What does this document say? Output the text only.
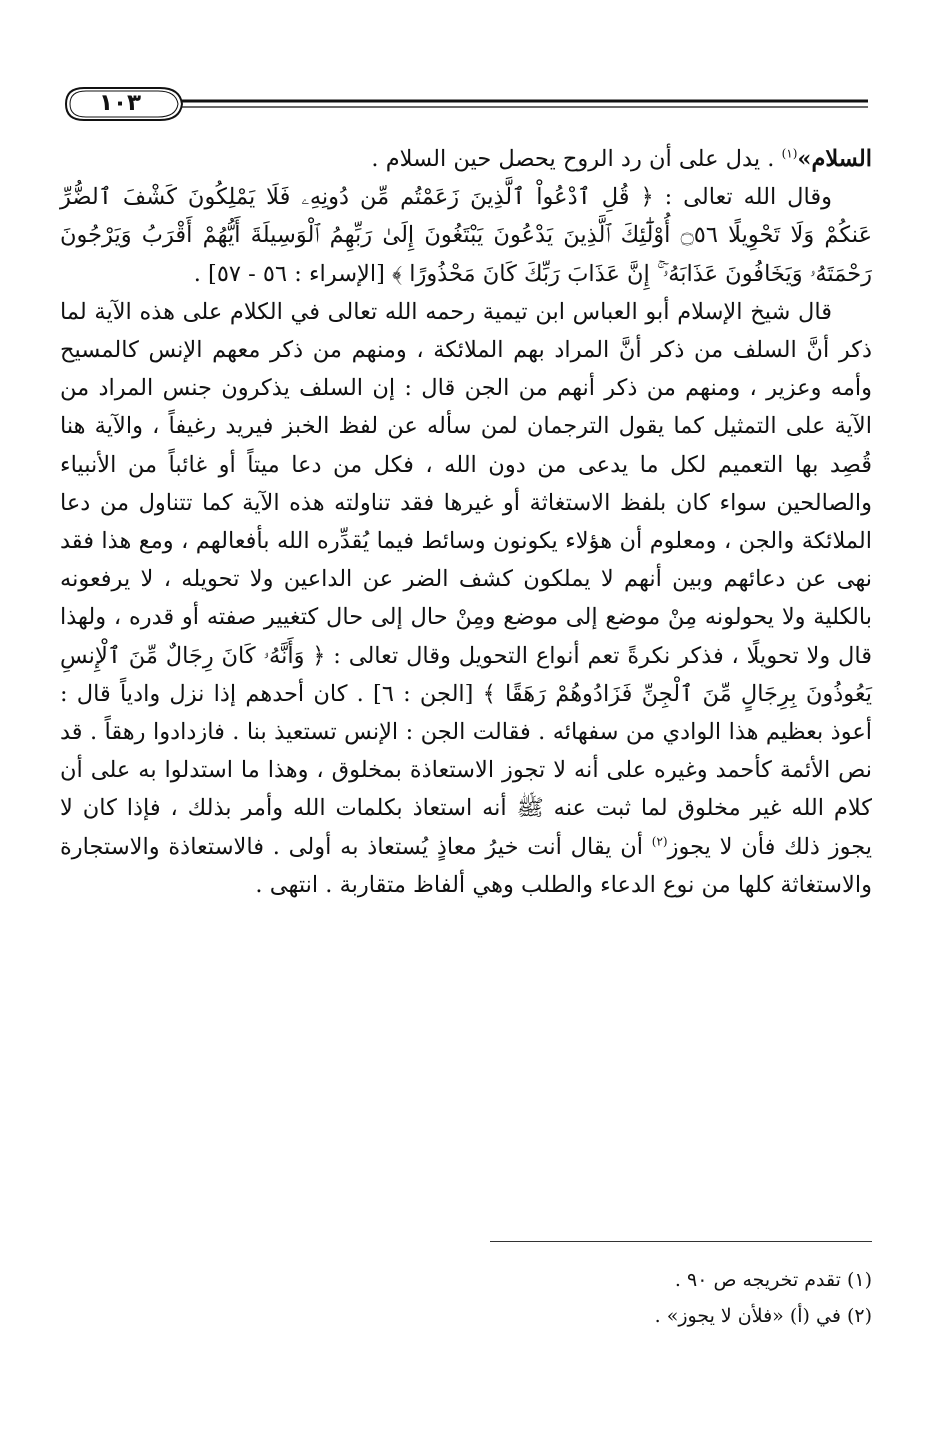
١٠٣

السلام»$^{(١)}$ . يدل على أن رد الروح يحصل حين السلام .

وقال الله تعالى : ﴿ قُلِ ٱدْعُواْ ٱلَّذِينَ زَعَمْتُم مِّن دُونِهِۦ فَلَا يَمْلِكُونَ كَشْفَ ٱلضُّرِّ عَنكُمْ وَلَا تَحْوِيلًا ۝٥٦ أُوْلَٰٓئِكَ ٱلَّذِينَ يَدْعُونَ يَبْتَغُونَ إِلَىٰ رَبِّهِمُ ٱلْوَسِيلَةَ أَيُّهُمْ أَقْرَبُ وَيَرْجُونَ رَحْمَتَهُۥ وَيَخَافُونَ عَذَابَهُۥٓ ۚ إِنَّ عَذَابَ رَبِّكَ كَانَ مَحْذُورًا ﴾ [الإسراء : ٥٦ - ٥٧] .

قال شيخ الإسلام أبو العباس ابن تيمية رحمه الله تعالى في الكلام على هذه الآية لما ذكر أنَّ السلف من ذكر أنَّ المراد بهم الملائكة ، ومنهم من ذكر معهم الإنس كالمسيح وأمه وعزير ، ومنهم من ذكر أنهم من الجن قال : إن السلف يذكرون جنس المراد من الآية على التمثيل كما يقول الترجمان لمن سأله عن لفظ الخبز فيريد رغيفاً ، والآية هنا قُصِد بها التعميم لكل ما يدعى من دون الله ، فكل من دعا ميتاً أو غائباً من الأنبياء والصالحين سواء كان بلفظ الاستغاثة أو غيرها فقد تناولته هذه الآية كما تتناول من دعا الملائكة والجن ، ومعلوم أن هؤلاء يكونون وسائط فيما يُقدِّره الله بأفعالهم ، ومع هذا فقد نهى عن دعائهم وبين أنهم لا يملكون كشف الضر عن الداعين ولا تحويله ، لا يرفعونه بالكلية ولا يحولونه مِنْ موضع إلى موضع ومِنْ حال إلى حال كتغيير صفته أو قدره ، ولهذا قال ولا تحويلًا ، فذكر نكرةً تعم أنواع التحويل وقال تعالى : ﴿ وَأَنَّهُۥ كَانَ رِجَالٌ مِّنَ ٱلْإِنسِ يَعُوذُونَ بِرِجَالٍ مِّنَ ٱلْجِنِّ فَزَادُوهُمْ رَهَقًا ﴾ [الجن : ٦] . كان أحدهم إذا نزل وادياً قال : أعوذ بعظيم هذا الوادي من سفهائه . فقالت الجن : الإنس تستعيذ بنا . فازدادوا رهقاً . قد نص الأئمة كأحمد وغيره على أنه لا تجوز الاستعاذة بمخلوق ، وهذا ما استدلوا به على أن كلام الله غير مخلوق لما ثبت عنه ﷺ أنه استعاذ بكلمات الله وأمر بذلك ، فإذا كان لا يجوز ذلك فأن لا يجوز$^{(٢)}$ أن يقال أنت خيرُ معاذٍ يُستعاذ به أولى . فالاستعاذة والاستجارة والاستغاثة كلها من نوع الدعاء والطلب وهي ألفاظ متقاربة . انتهى .

(١) تقدم تخريجه ص ٩٠ .

(٢) في (أ) «فلأن لا يجوز» .
